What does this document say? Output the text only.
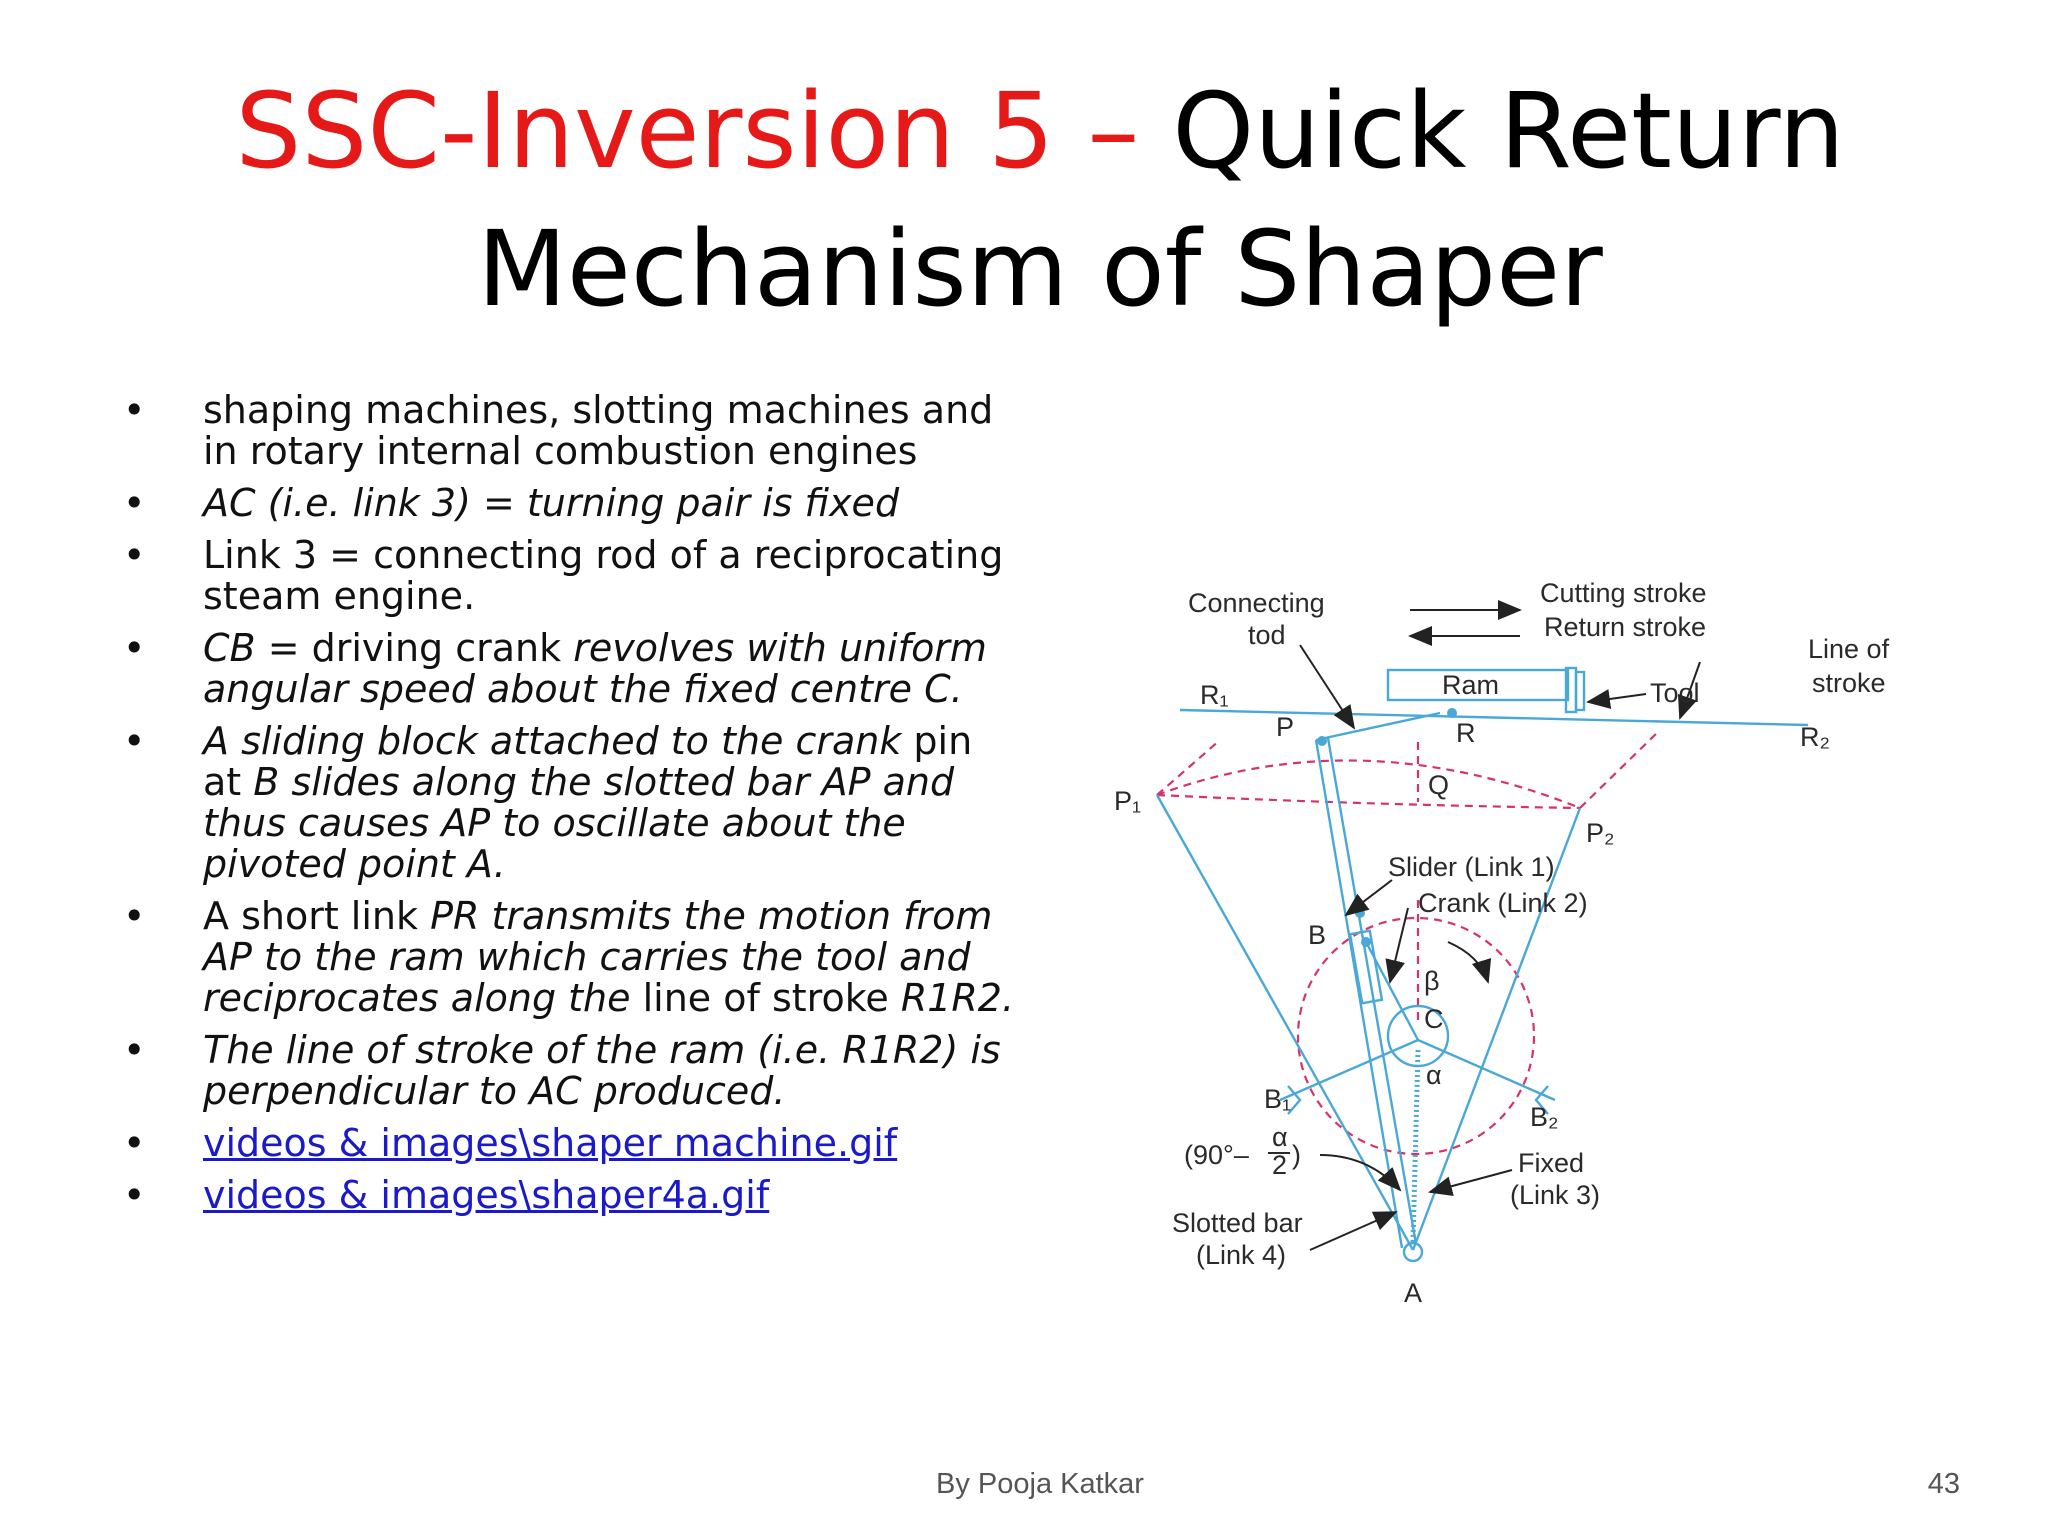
SSC-Inversion 5 – Quick Return
Mechanism of Shaper
• shaping machines, slotting machines and in rotary internal combustion engines
• AC (i.e. link 3) = turning pair is fixed
• Link 3 = connecting rod of a reciprocating steam engine.
• CB = driving crank revolves with uniform angular speed about the fixed centre C.
• A sliding block attached to the crank pin at B slides along the slotted bar AP and thus causes AP to oscillate about the pivoted point A.
• A short link PR transmits the motion from AP to the ram which carries the tool and reciprocates along the line of stroke R1R2.
• The line of stroke of the ram (i.e. R1R2) is perpendicular to AC produced.
• videos & images\shaper machine.gif
• videos & images\shaper4a.gif
Connecting
tod
Cutting stroke
Return stroke
Ram	Tool
Line of
stroke
R₁
R₂
P	R
Q
P₁
P₂
Slider (Link 1)
Crank (Link 2)
B
β
C
α
B₁
B₂
(90°–
α
2 )	Fixed
(Link 3)
Slotted bar
(Link 4)
A
By Pooja Katkar	43
